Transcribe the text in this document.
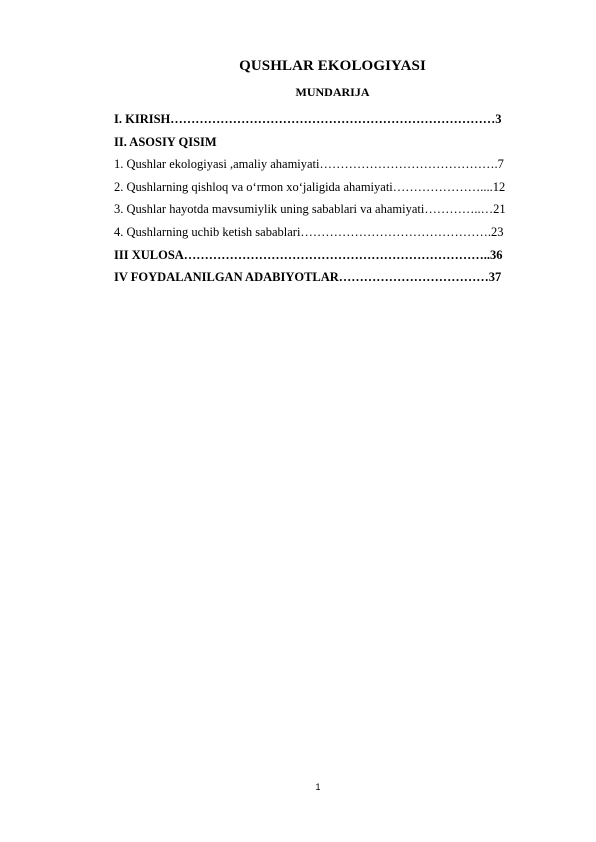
QUSHLAR EKOLOGIYASI
MUNDARIJA
I. KIRISH……………………………………………………………………3
II. ASOSIY QISIM
1. Qushlar ekologiyasi ,amaliy ahamiyati…………………………………….7
2. Qushlarning qishloq va o‘rmon xo‘jaligida ahamiyati…………………....12
3. Qushlar hayotda mavsumiylik uning sabablari va ahamiyati…………..…21
4. Qushlarning uchib ketish sabablari……………………………………….23
III XULOSA………………………………………………………………..36
IV FOYDALANILGAN ADABIYOTLAR………………………………37
1
